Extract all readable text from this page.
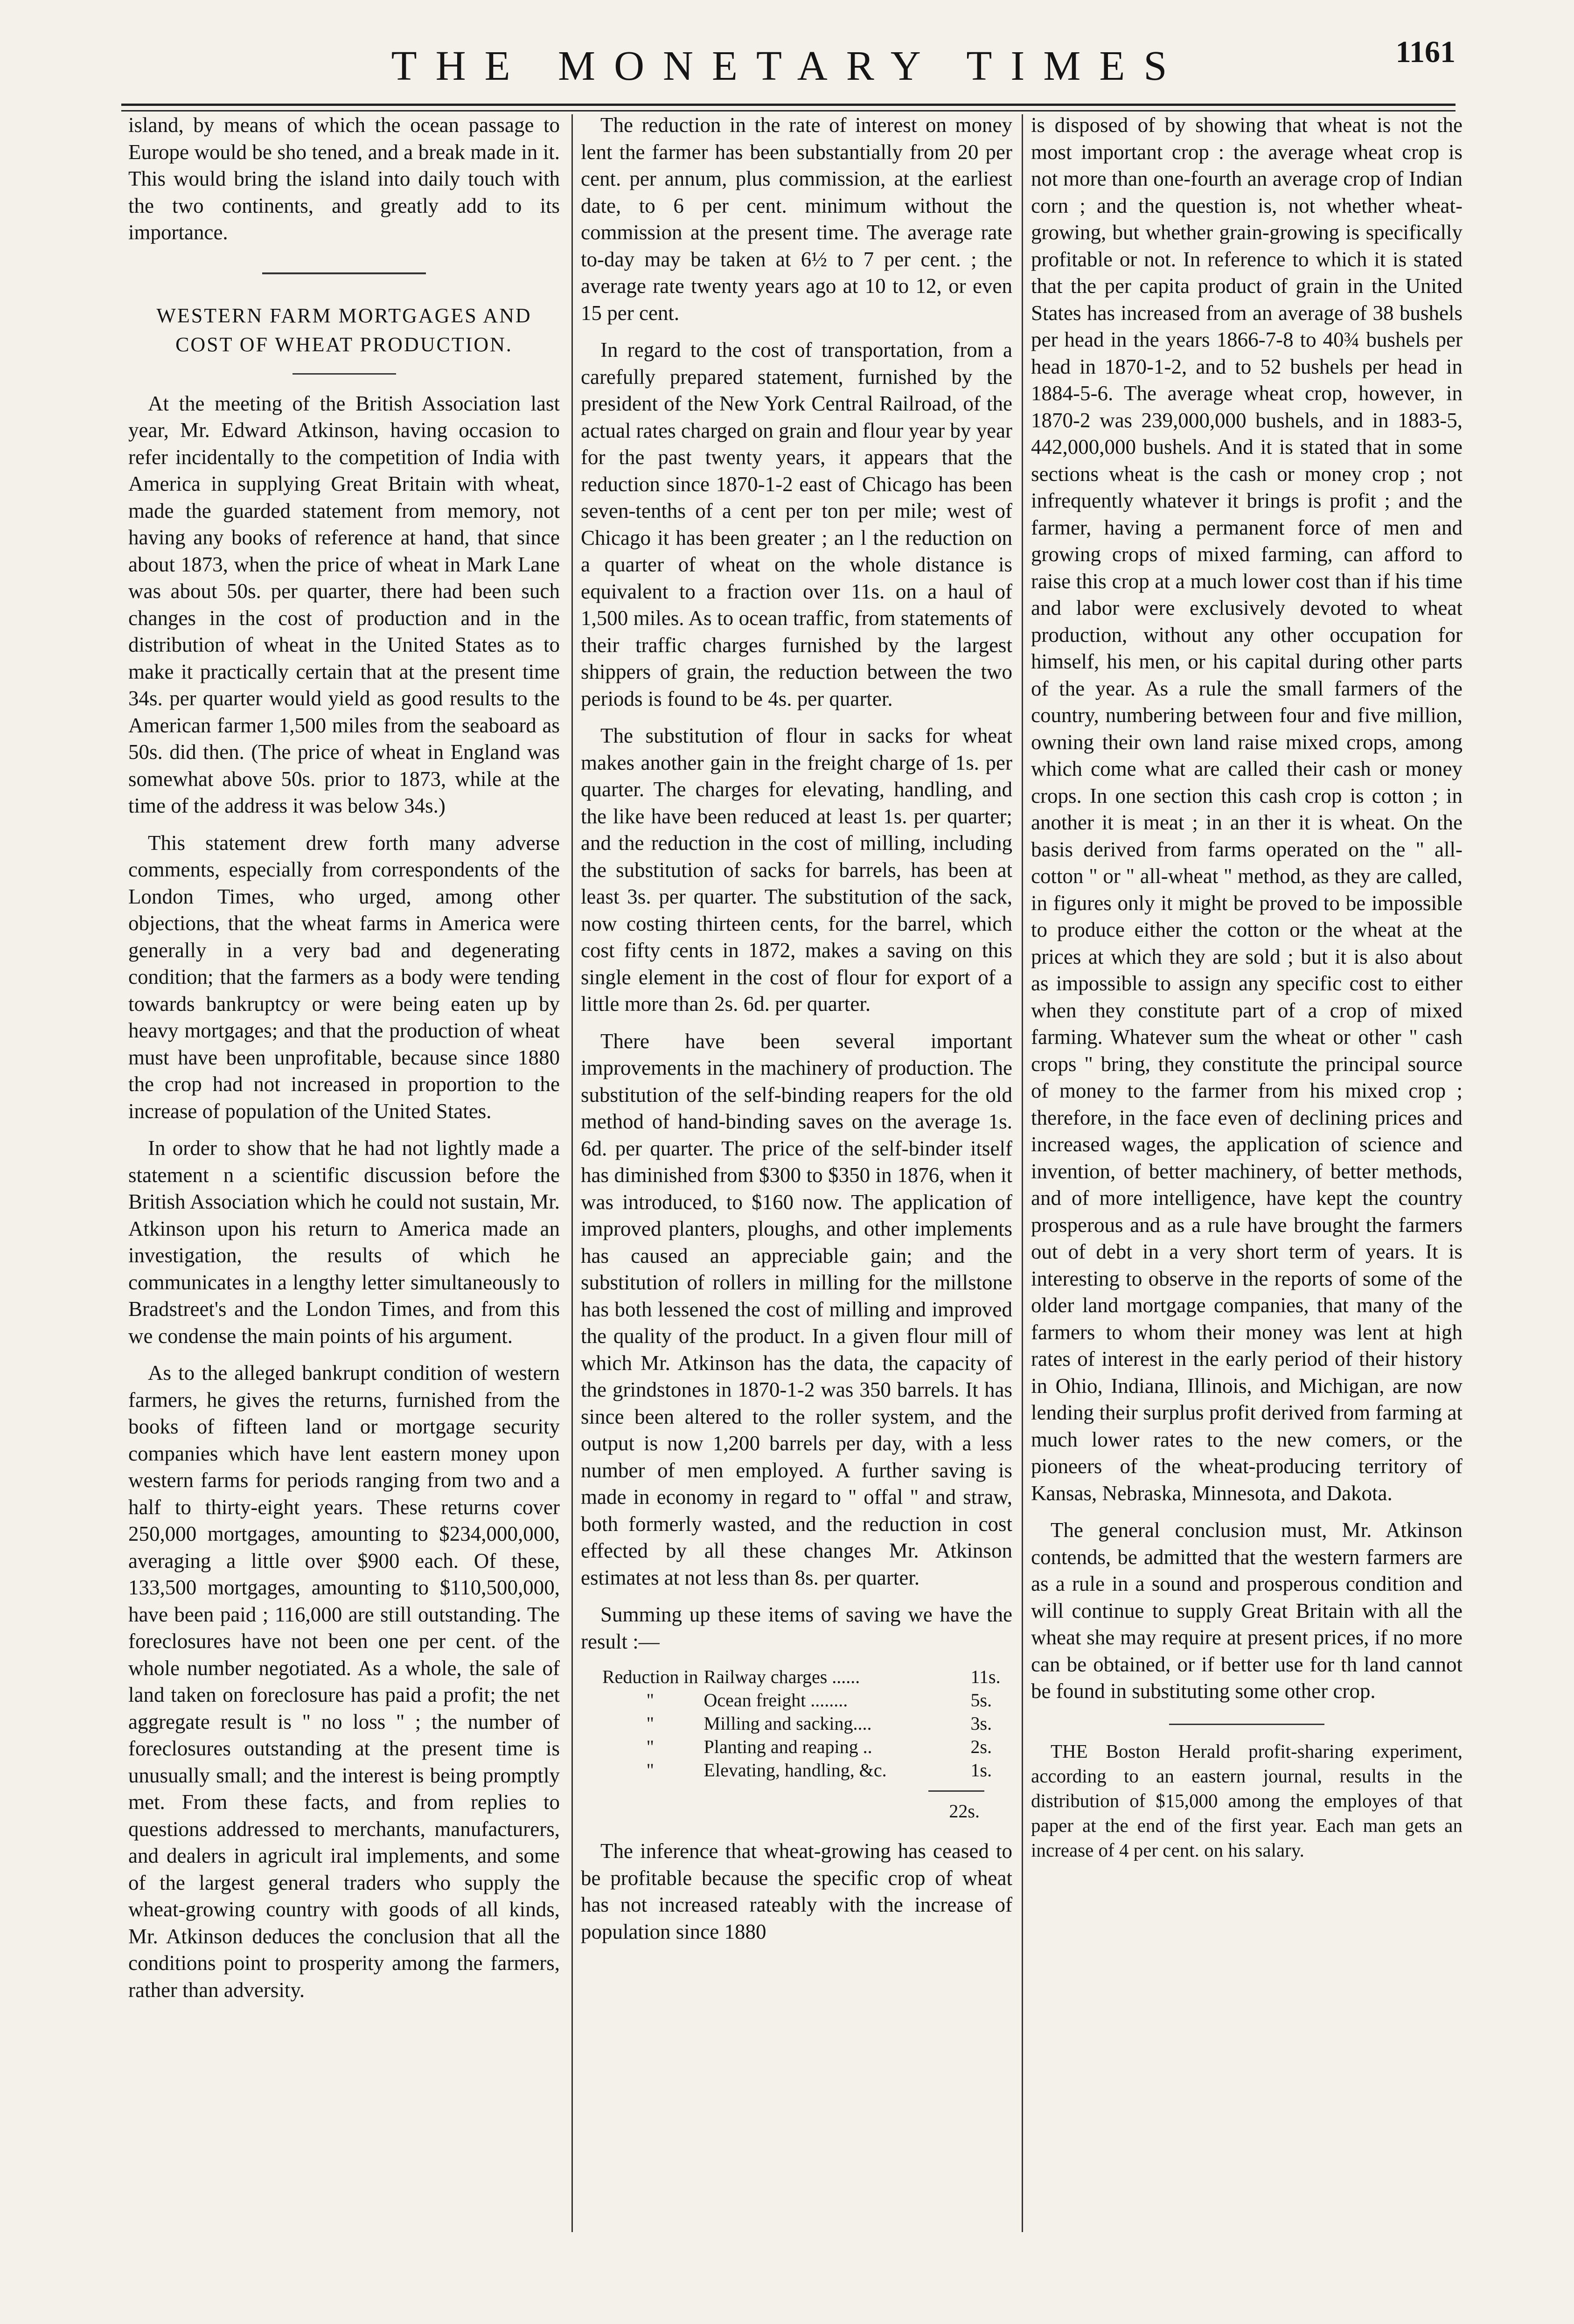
THE MONETARY TIMES	1161

island, by means of which the ocean passage to Europe would be sho tened, and a break made in it. This would bring the island into daily touch with the two continents, and greatly add to its importance.

WESTERN FARM MORTGAGES AND COST OF WHEAT PRODUCTION.

At the meeting of the British Association last year, Mr. Edward Atkinson, having occasion to refer incidentally to the competition of India with America in supplying Great Britain with wheat, made the guarded statement from memory, not having any books of reference at hand, that since about 1873, when the price of wheat in Mark Lane was about 50s. per quarter, there had been such changes in the cost of production and in the distribution of wheat in the United States as to make it practically certain that at the present time 34s. per quarter would yield as good results to the American farmer 1,500 miles from the seaboard as 50s. did then. (The price of wheat in England was somewhat above 50s. prior to 1873, while at the time of the address it was below 34s.)

This statement drew forth many adverse comments, especially from correspondents of the London Times, who urged, among other objections, that the wheat farms in America were generally in a very bad and degenerating condition; that the farmers as a body were tending towards bankruptcy or were being eaten up by heavy mortgages; and that the production of wheat must have been unprofitable, because since 1880 the crop had not increased in proportion to the increase of population of the United States.

In order to show that he had not lightly made a statement n a scientific discussion before the British Association which he could not sustain, Mr. Atkinson upon his return to America made an investigation, the results of which he communicates in a lengthy letter simultaneously to Bradstreet's and the London Times, and from this we condense the main points of his argument.

As to the alleged bankrupt condition of western farmers, he gives the returns, furnished from the books of fifteen land or mortgage security companies which have lent eastern money upon western farms for periods ranging from two and a half to thirty-eight years. These returns cover 250,000 mortgages, amounting to $234,000,000, averaging a little over $900 each. Of these, 133,500 mortgages, amounting to $110,500,000, have been paid ; 116,000 are still outstanding. The foreclosures have not been one per cent. of the whole number negotiated. As a whole, the sale of land taken on foreclosure has paid a profit; the net aggregate result is " no loss " ; the number of foreclosures outstanding at the present time is unusually small; and the interest is being promptly met. From these facts, and from replies to questions addressed to merchants, manufacturers, and dealers in agricult iral implements, and some of the largest general traders who supply the wheat-growing country with goods of all kinds, Mr. Atkinson deduces the conclusion that all the conditions point to prosperity among the farmers, rather than adversity.

The reduction in the rate of interest on money lent the farmer has been substantially from 20 per cent. per annum, plus commission, at the earliest date, to 6 per cent. minimum without the commission at the present time. The average rate to-day may be taken at 6½ to 7 per cent. ; the average rate twenty years ago at 10 to 12, or even 15 per cent.

In regard to the cost of transportation, from a carefully prepared statement, furnished by the president of the New York Central Railroad, of the actual rates charged on grain and flour year by year for the past twenty years, it appears that the reduction since 1870-1-2 east of Chicago has been seven-tenths of a cent per ton per mile; west of Chicago it has been greater ; an l the reduction on a quarter of wheat on the whole distance is equivalent to a fraction over 11s. on a haul of 1,500 miles. As to ocean traffic, from statements of their traffic charges furnished by the largest shippers of grain, the reduction between the two periods is found to be 4s. per quarter.

The substitution of flour in sacks for wheat makes another gain in the freight charge of 1s. per quarter. The charges for elevating, handling, and the like have been reduced at least 1s. per quarter; and the reduction in the cost of milling, including the substitution of sacks for barrels, has been at least 3s. per quarter. The substitution of the sack, now costing thirteen cents, for the barrel, which cost fifty cents in 1872, makes a saving on this single element in the cost of flour for export of a little more than 2s. 6d. per quarter.

There have been several important improvements in the machinery of production. The substitution of the self-binding reapers for the old method of hand-binding saves on the average 1s. 6d. per quarter. The price of the self-binder itself has diminished from $300 to $350 in 1876, when it was introduced, to $160 now. The application of improved planters, ploughs, and other implements has caused an appreciable gain; and the substitution of rollers in milling for the millstone has both lessened the cost of milling and improved the quality of the product. In a given flour mill of which Mr. Atkinson has the data, the capacity of the grindstones in 1870-1-2 was 350 barrels. It has since been altered to the roller system, and the output is now 1,200 barrels per day, with a less number of men employed. A further saving is made in economy in regard to " offal " and straw, both formerly wasted, and the reduction in cost effected by all these changes Mr. Atkinson estimates at not less than 8s. per quarter.

Summing up these items of saving we have the result :—

Reduction in	Railway charges ......	11s.
"	Ocean freight ........	5s.
"	Milling and sacking....	3s.
"	Planting and reaping ..	2s.
"	Elevating, handling, &c.	1s.
22s.

The inference that wheat-growing has ceased to be profitable because the specific crop of wheat has not increased rateably with the increase of population since 1880

is disposed of by showing that wheat is not the most important crop : the average wheat crop is not more than one-fourth an average crop of Indian corn ; and the question is, not whether wheat-growing, but whether grain-growing is specifically profitable or not. In reference to which it is stated that the per capita product of grain in the United States has increased from an average of 38 bushels per head in the years 1866-7-8 to 40¾ bushels per head in 1870-1-2, and to 52 bushels per head in 1884-5-6. The average wheat crop, however, in 1870-2 was 239,000,000 bushels, and in 1883-5, 442,000,000 bushels. And it is stated that in some sections wheat is the cash or money crop ; not infrequently whatever it brings is profit ; and the farmer, having a permanent force of men and growing crops of mixed farming, can afford to raise this crop at a much lower cost than if his time and labor were exclusively devoted to wheat production, without any other occupation for himself, his men, or his capital during other parts of the year. As a rule the small farmers of the country, numbering between four and five million, owning their own land raise mixed crops, among which come what are called their cash or money crops. In one section this cash crop is cotton ; in another it is meat ; in an ther it is wheat. On the basis derived from farms operated on the " all-cotton " or " all-wheat " method, as they are called, in figures only it might be proved to be impossible to produce either the cotton or the wheat at the prices at which they are sold ; but it is also about as impossible to assign any specific cost to either when they constitute part of a crop of mixed farming. Whatever sum the wheat or other " cash crops " bring, they constitute the principal source of money to the farmer from his mixed crop ; therefore, in the face even of declining prices and increased wages, the application of science and invention, of better machinery, of better methods, and of more intelligence, have kept the country prosperous and as a rule have brought the farmers out of debt in a very short term of years. It is interesting to observe in the reports of some of the older land mortgage companies, that many of the farmers to whom their money was lent at high rates of interest in the early period of their history in Ohio, Indiana, Illinois, and Michigan, are now lending their surplus profit derived from farming at much lower rates to the new comers, or the pioneers of the wheat-producing territory of Kansas, Nebraska, Minnesota, and Dakota.

The general conclusion must, Mr. Atkinson contends, be admitted that the western farmers are as a rule in a sound and prosperous condition and will continue to supply Great Britain with all the wheat she may require at present prices, if no more can be obtained, or if better use for th land cannot be found in substituting some other crop.

THE Boston Herald profit-sharing experiment, according to an eastern journal, results in the distribution of $15,000 among the employes of that paper at the end of the first year. Each man gets an increase of 4 per cent. on his salary.
